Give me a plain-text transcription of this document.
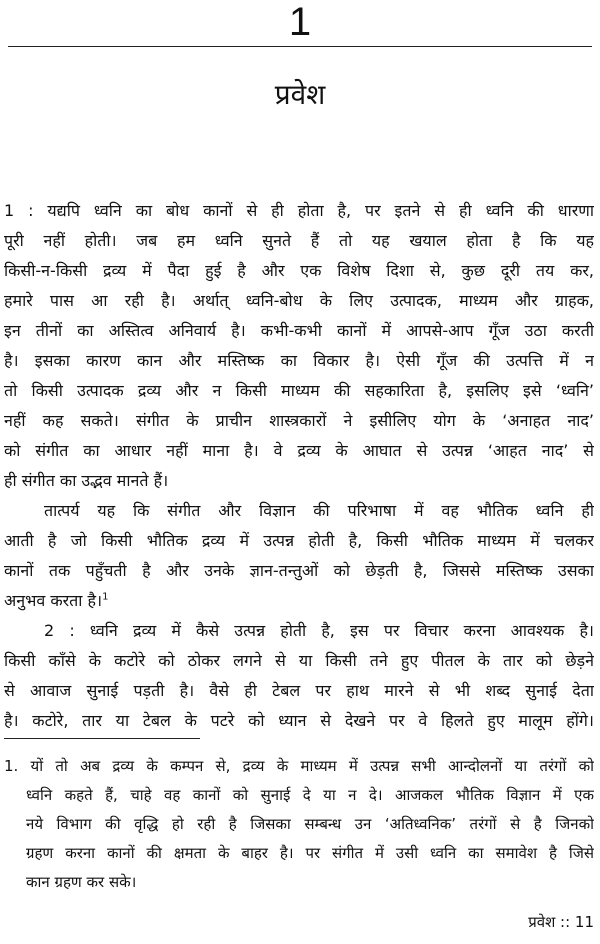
1
प्रवेश
1 : यद्यपि ध्वनि का बोध कानों से ही होता है, पर इतने से ही ध्वनि की धारणा
पूरी नहीं होती। जब हम ध्वनि सुनते हैं तो यह खयाल होता है कि यह
किसी-न-किसी द्रव्य में पैदा हुई है और एक विशेष दिशा से, कुछ दूरी तय कर,
हमारे पास आ रही है। अर्थात् ध्वनि-बोध के लिए उत्पादक, माध्यम और ग्राहक,
इन तीनों का अस्तित्व अनिवार्य है। कभी-कभी कानों में आपसे-आप गूँज उठा करती
है। इसका कारण कान और मस्तिष्क का विकार है। ऐसी गूँज की उत्पत्ति में न
तो किसी उत्पादक द्रव्य और न किसी माध्यम की सहकारिता है, इसलिए इसे ‘ध्वनि’
नहीं कह सकते। संगीत के प्राचीन शास्त्रकारों ने इसीलिए योग के ‘अनाहत नाद’
को संगीत का आधार नहीं माना है। वे द्रव्य के आघात से उत्पन्न ‘आहत नाद’ से
ही संगीत का उद्भव मानते हैं।
तात्पर्य यह कि संगीत और विज्ञान की परिभाषा में वह भौतिक ध्वनि ही
आती है जो किसी भौतिक द्रव्य में उत्पन्न होती है, किसी भौतिक माध्यम में चलकर
कानों तक पहुँचती है और उनके ज्ञान-तन्तुओं को छेड़ती है, जिससे मस्तिष्क उसका
अनुभव करता है।$^1$
2 : ध्वनि द्रव्य में कैसे उत्पन्न होती है, इस पर विचार करना आवश्यक है।
किसी काँसे के कटोरे को ठोकर लगने से या किसी तने हुए पीतल के तार को छेड़ने
से आवाज सुनाई पड़ती है। वैसे ही टेबल पर हाथ मारने से भी शब्द सुनाई देता
है। कटोरे, तार या टेबल के पटरे को ध्यान से देखने पर वे हिलते हुए मालूम होंगे।
1. यों तो अब द्रव्य के कम्पन से, द्रव्य के माध्यम में उत्पन्न सभी आन्दोलनों या तरंगों को
ध्वनि कहते हैं, चाहे वह कानों को सुनाई दे या न दे। आजकल भौतिक विज्ञान में एक
नये विभाग की वृद्धि हो रही है जिसका सम्बन्ध उन ‘अतिध्वनिक’ तरंगों से है जिनको
ग्रहण करना कानों की क्षमता के बाहर है। पर संगीत में उसी ध्वनि का समावेश है जिसे
कान ग्रहण कर सके।
प्रवेश :: 11
